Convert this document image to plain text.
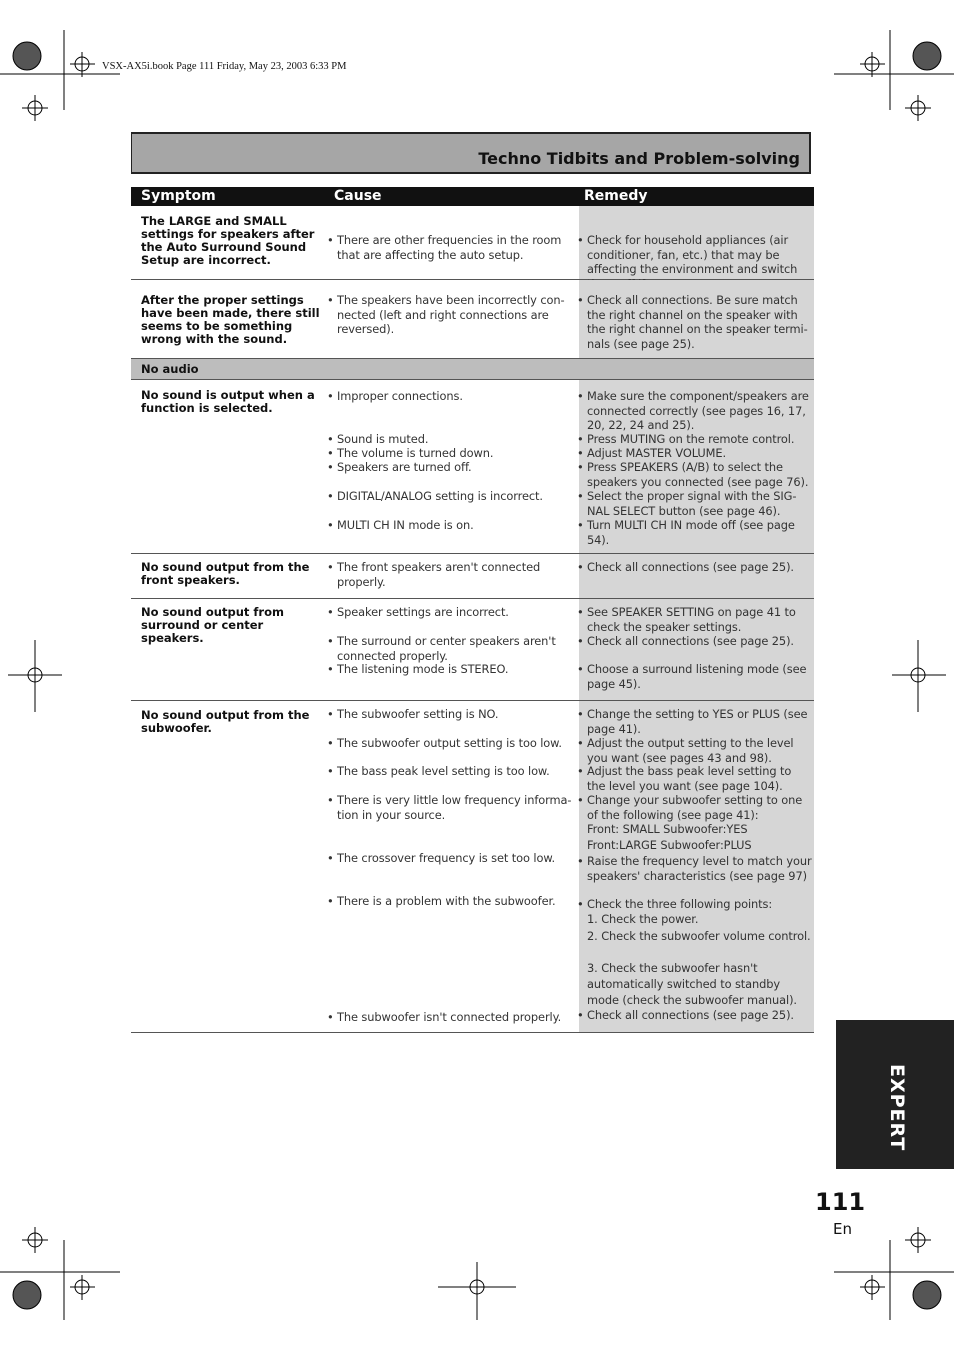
VSX-AX5i.book Page 111 Friday, May 23, 2003 6:33 PM
Techno Tidbits and Problem-solving
Symptom	Cause	Remedy
The LARGE and SMALL settings for speakers after the Auto Surround Sound Setup are incorrect.
• There are other frequencies in the room that are affecting the auto setup.
• Check for household appliances (air conditioner, fan, etc.) that may be affecting the environment and switch
After the proper settings have been made, there still seems to be something wrong with the sound.
• The speakers have been incorrectly con-nected (left and right connections are reversed).
• Check all connections. Be sure match the right channel on the speaker with the right channel on the speaker termi-nals (see page 25).
No audio
No sound is output when a function is selected.
• Improper connections.
• Sound is muted.
• The volume is turned down.
• Speakers are turned off.
• DIGITAL/ANALOG setting is incorrect.
• MULTI CH IN mode is on.
• Make sure the component/speakers are connected correctly (see pages 16, 17, 20, 22, 24 and 25).
• Press MUTING on the remote control.
• Adjust MASTER VOLUME.
• Press SPEAKERS (A/B) to select the speakers you connected (see page 76).
• Select the proper signal with the SIG-NAL SELECT button (see page 46).
• Turn MULTI CH IN mode off (see page 54).
No sound output from the front speakers.
• The front speakers aren't connected properly.
• Check all connections (see page 25).
No sound output from surround or center speakers.
• Speaker settings are incorrect.
• The surround or center speakers aren't connected properly.
• The listening mode is STEREO.
• See SPEAKER SETTING on page 41 to check the speaker settings.
• Check all connections (see page 25).
• Choose a surround listening mode (see page 45).
No sound output from the subwoofer.
• The subwoofer setting is NO.
• The subwoofer output setting is too low.
• The bass peak level setting is too low.
• There is very little low frequency informa-tion in your source.
• The crossover frequency is set too low.
• There is a problem with the subwoofer.
• The subwoofer isn't connected properly.
• Change the setting to YES or PLUS (see page 41).
• Adjust the output setting to the level you want (see pages 43 and 98).
• Adjust the bass peak level setting to the level you want (see page 104).
• Change your subwoofer setting to one of the following (see page 41):
Front: SMALL Subwoofer:YES
Front:LARGE Subwoofer:PLUS
• Raise the frequency level to match your speakers' characteristics (see page 97)
• Check the three following points:
1. Check the power.
2. Check the subwoofer volume control.
3. Check the subwoofer hasn't automatically switched to standby mode (check the subwoofer manual).
• Check all connections (see page 25).
EXPERT
111
En
